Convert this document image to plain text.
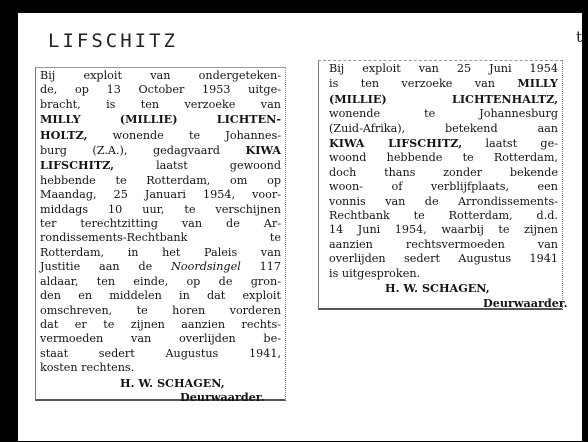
LIFSCHITZ	t
Bij exploit van ondergeteken-
de, op 13 October 1953 uitge-
bracht, is ten verzoeke van
MILLY (MILLIE) LICHTEN-
HOLTZ, wonende te Johannes-
burg (Z.A.), gedagvaard KIWA
LIFSCHITZ, laatst gewoond
hebbende te Rotterdam, om op
Maandag, 25 Januari 1954, voor-
middags 10 uur, te verschijnen
ter terechtzitting van de Ar-
rondissements-Rechtbank te
Rotterdam, in het Paleis van
Justitie aan de Noordsingel 117
aldaar, ten einde, op de gron-
den en middelen in dat exploit
omschreven, te horen vorderen
dat er te zijnen aanzien rechts-
vermoeden van overlijden be-
staat sedert Augustus 1941,
kosten rechtens.
H. W. SCHAGEN,
Deurwaarder.
Bij exploit van 25 Juni 1954
is ten verzoeke van MILLY
(MILLIE) LICHTENHALTZ,
wonende te Johannesburg
(Zuid-Afrika), betekend aan
KIWA LIFSCHITZ, laatst ge-
woond hebbende te Rotterdam,
doch thans zonder bekende
woon- of verblijfplaats, een
vonnis van de Arrondissements-
Rechtbank te Rotterdam, d.d.
14 Juni 1954, waarbij te zijnen
aanzien rechtsvermoeden van
overlijden sedert Augustus 1941
is uitgesproken.
H. W. SCHAGEN,
Deurwaarder.
